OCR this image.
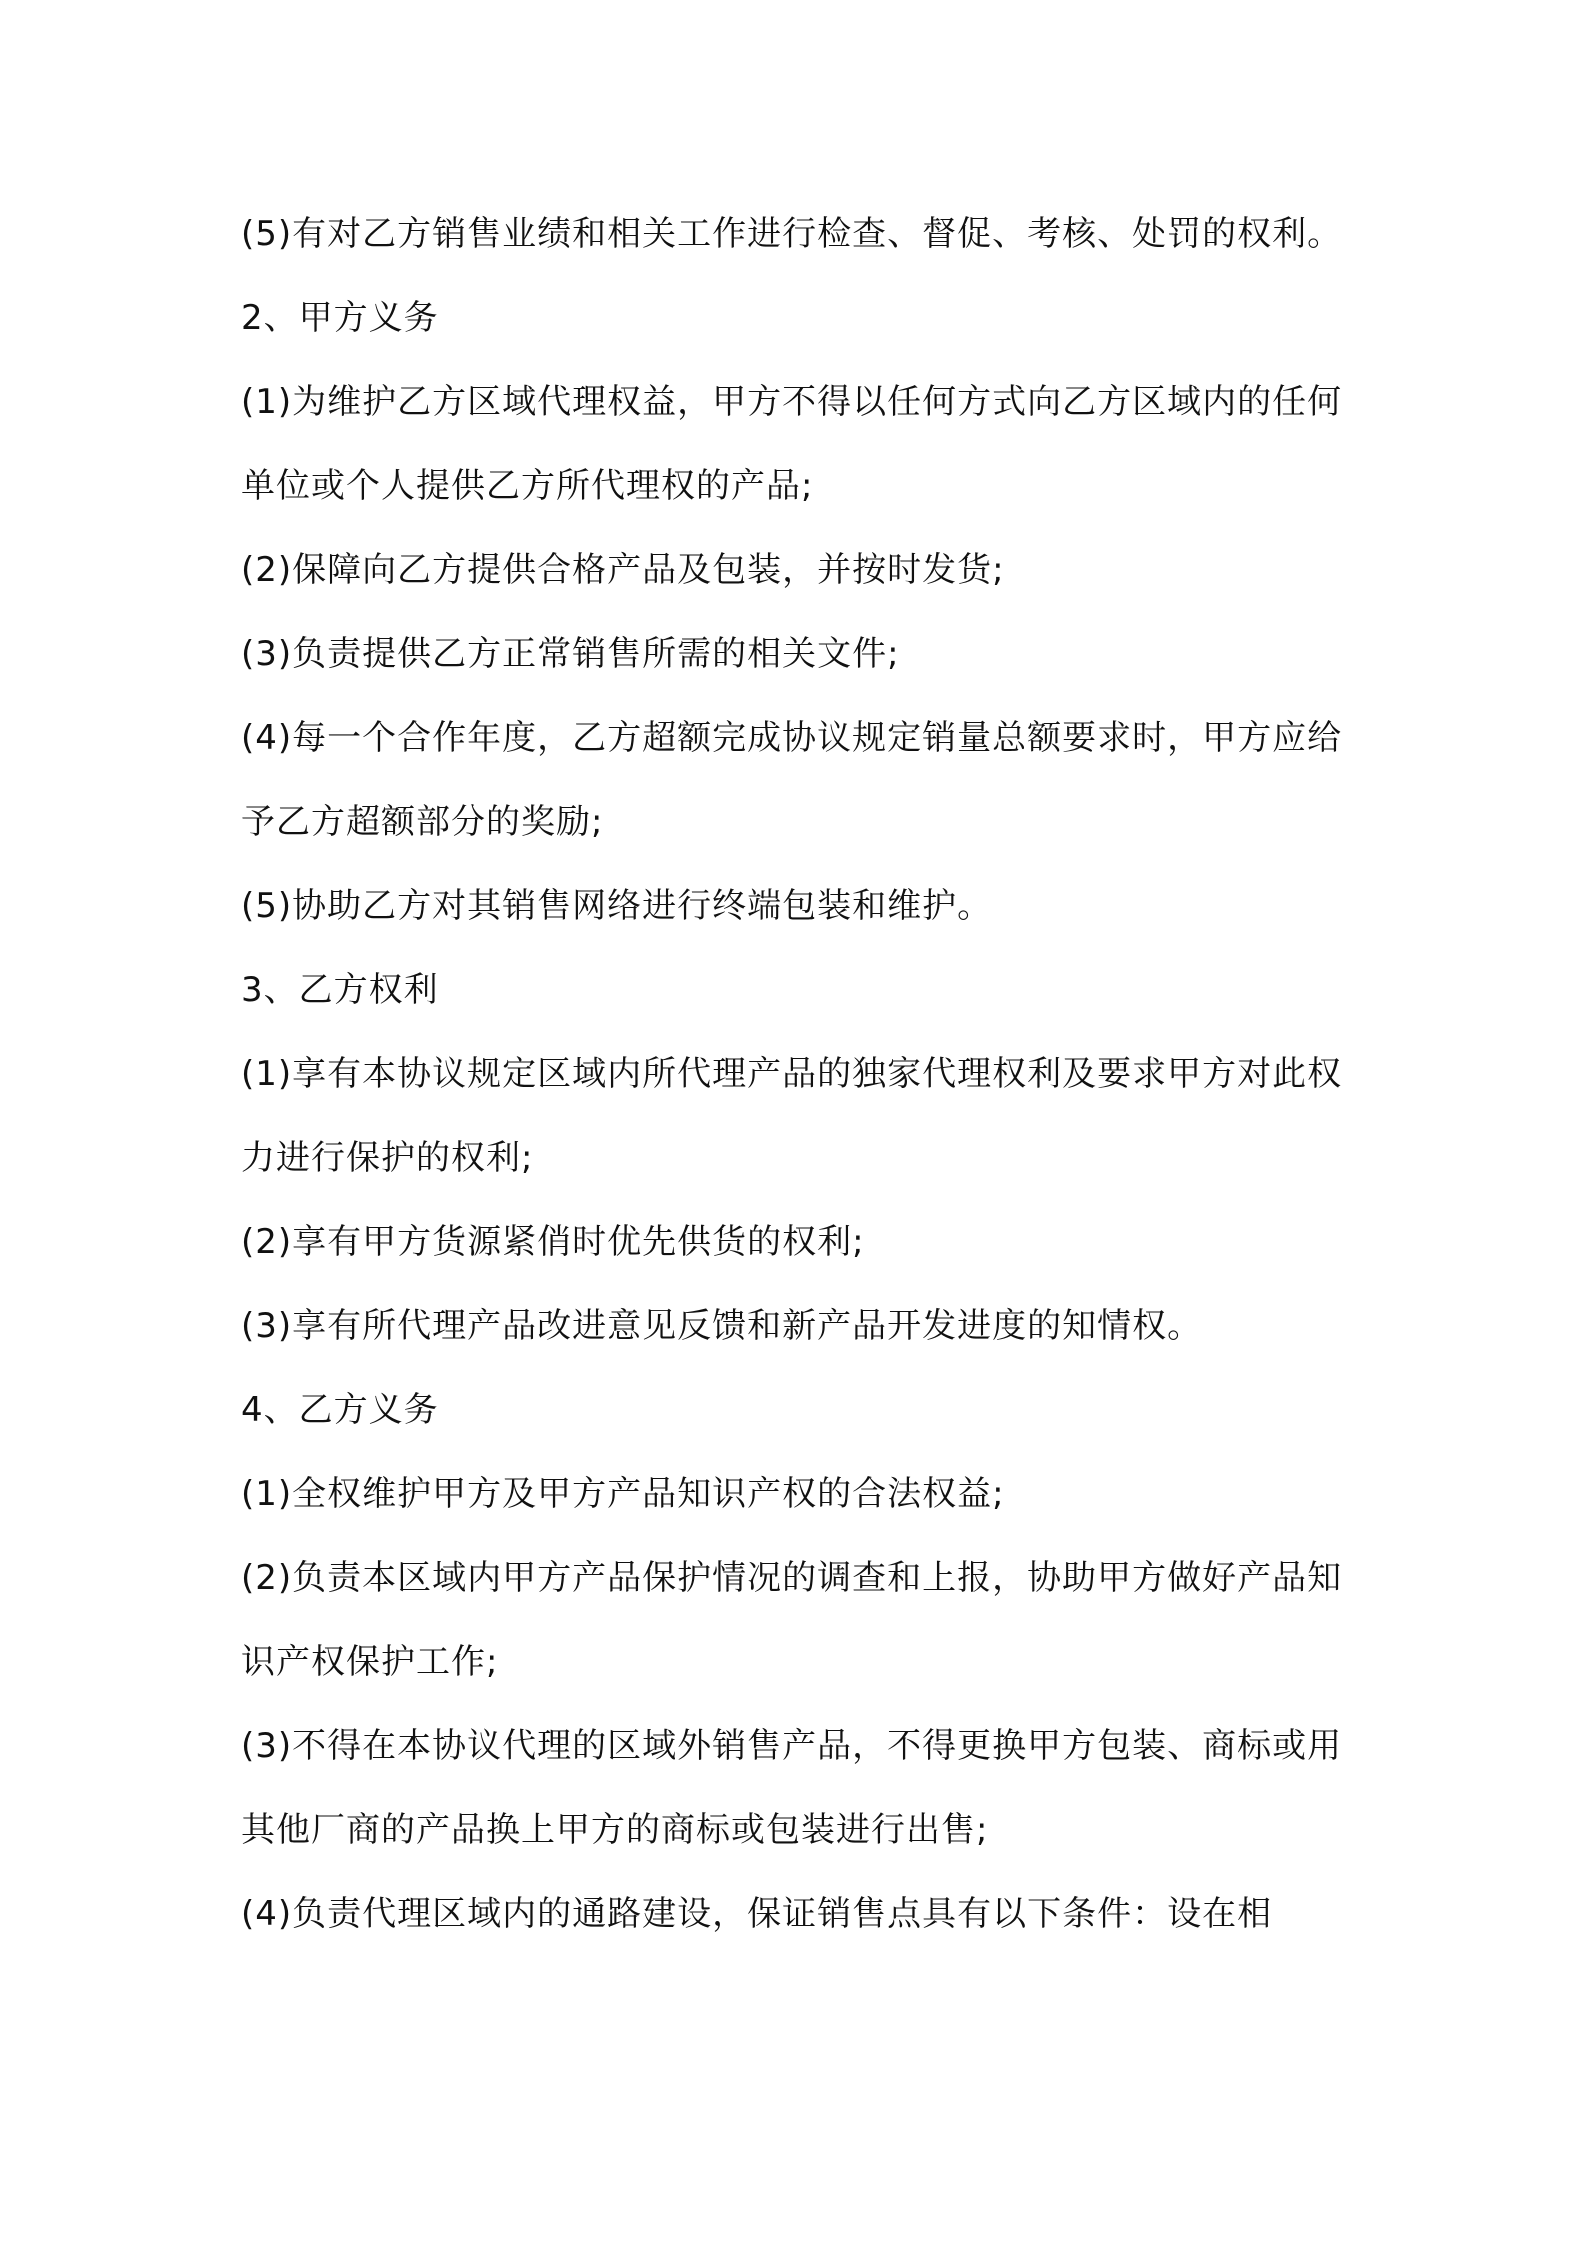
(5)有对乙方销售业绩和相关工作进行检查、督促、考核、处罚的权利。

2、甲方义务

(1)为维护乙方区域代理权益，甲方不得以任何方式向乙方区域内的任何单位或个人提供乙方所代理权的产品;

(2)保障向乙方提供合格产品及包装，并按时发货;

(3)负责提供乙方正常销售所需的相关文件;

(4)每一个合作年度，乙方超额完成协议规定销量总额要求时，甲方应给予乙方超额部分的奖励;

(5)协助乙方对其销售网络进行终端包装和维护。

3、乙方权利

(1)享有本协议规定区域内所代理产品的独家代理权利及要求甲方对此权力进行保护的权利;

(2)享有甲方货源紧俏时优先供货的权利;

(3)享有所代理产品改进意见反馈和新产品开发进度的知情权。

4、乙方义务

(1)全权维护甲方及甲方产品知识产权的合法权益;

(2)负责本区域内甲方产品保护情况的调查和上报，协助甲方做好产品知识产权保护工作;

(3)不得在本协议代理的区域外销售产品，不得更换甲方包装、商标或用其他厂商的产品换上甲方的商标或包装进行出售;

(4)负责代理区域内的通路建设，保证销售点具有以下条件：设在相
